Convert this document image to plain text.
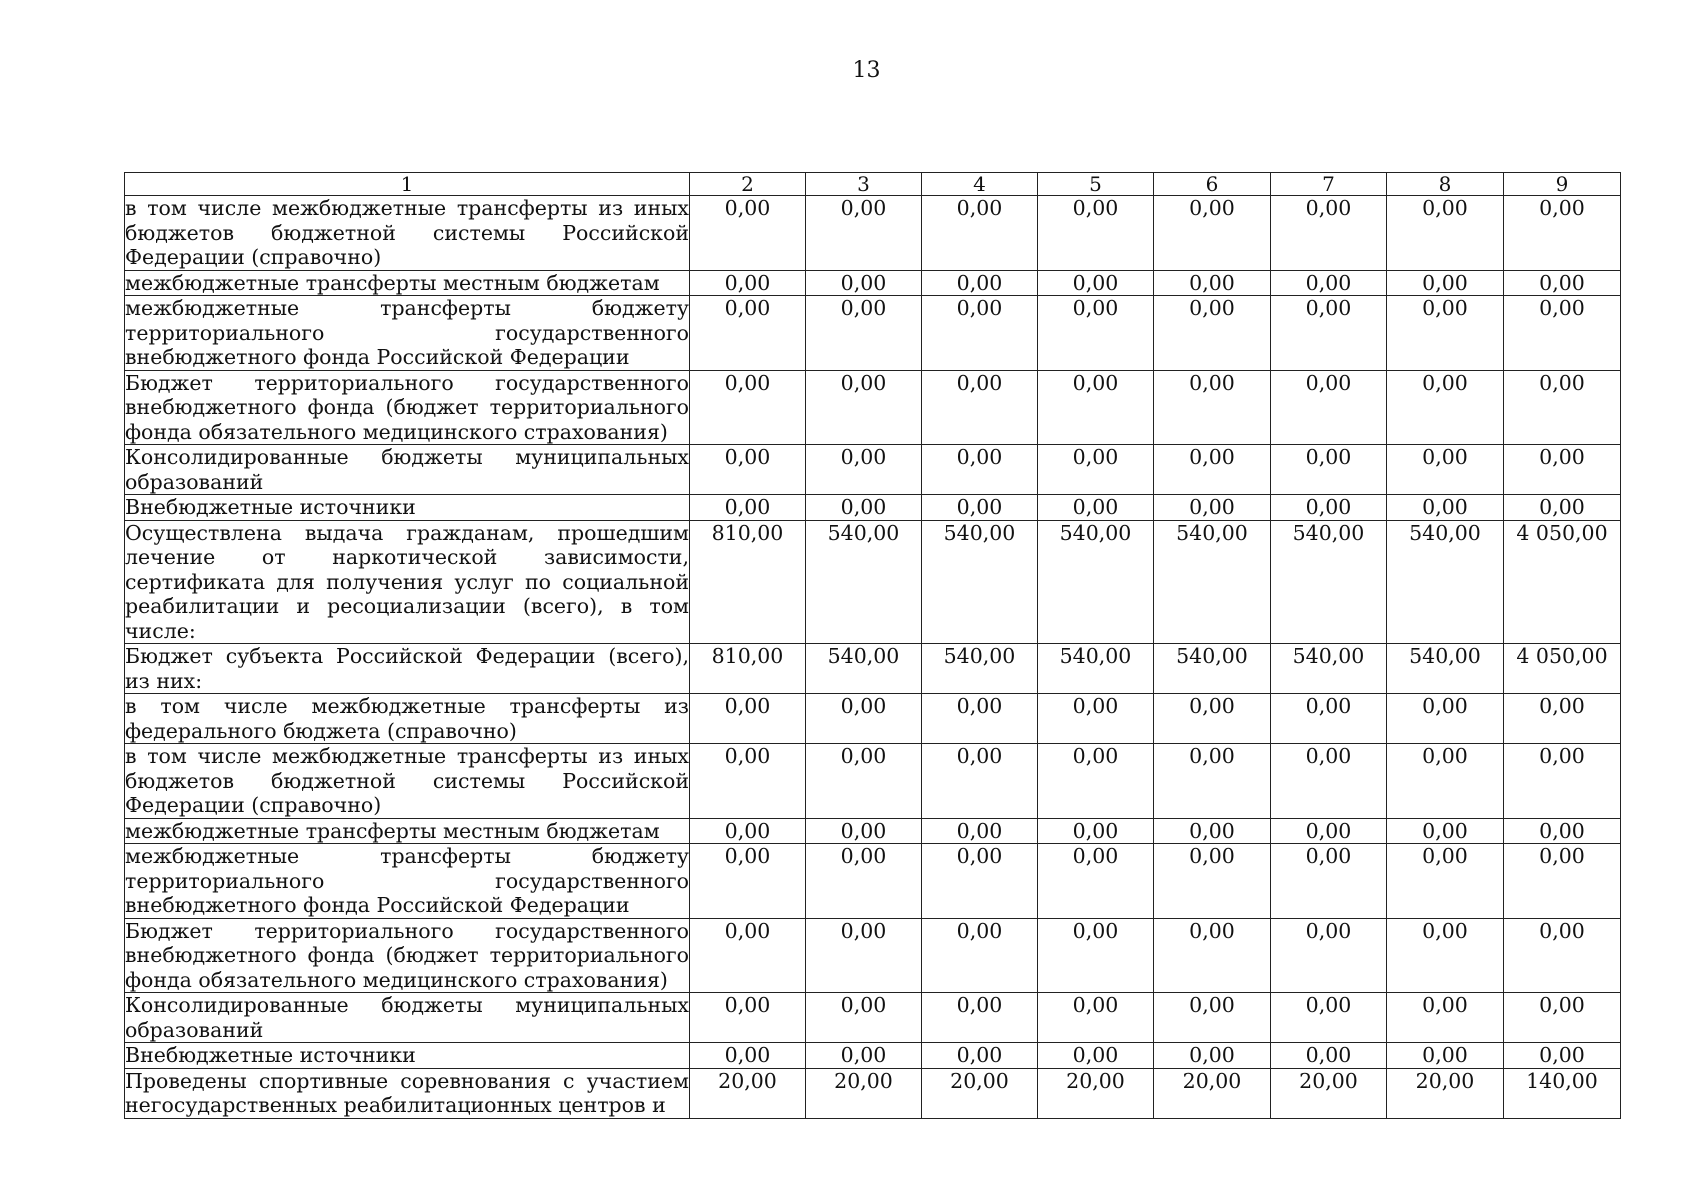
13
1	2	3	4	5	6	7	8	9
в том числе межбюджетные трансферты из иных бюджетов бюджетной системы Российской Федерации (справочно)	0,00	0,00	0,00	0,00	0,00	0,00	0,00	0,00
межбюджетные трансферты местным бюджетам	0,00	0,00	0,00	0,00	0,00	0,00	0,00	0,00
межбюджетные трансферты бюджету территориального государственного внебюджетного фонда Российской Федерации	0,00	0,00	0,00	0,00	0,00	0,00	0,00	0,00
Бюджет территориального государственного внебюджетного фонда (бюджет территориального фонда обязательного медицинского страхования)	0,00	0,00	0,00	0,00	0,00	0,00	0,00	0,00
Консолидированные бюджеты муниципальных образований	0,00	0,00	0,00	0,00	0,00	0,00	0,00	0,00
Внебюджетные источники	0,00	0,00	0,00	0,00	0,00	0,00	0,00	0,00
Осуществлена выдача гражданам, прошедшим лечение от наркотической зависимости, сертификата для получения услуг по социальной реабилитации и ресоциализации (всего), в том числе:	810,00	540,00	540,00	540,00	540,00	540,00	540,00	4 050,00
Бюджет субъекта Российской Федерации (всего), из них:	810,00	540,00	540,00	540,00	540,00	540,00	540,00	4 050,00
в том числе межбюджетные трансферты из федерального бюджета (справочно)	0,00	0,00	0,00	0,00	0,00	0,00	0,00	0,00
в том числе межбюджетные трансферты из иных бюджетов бюджетной системы Российской Федерации (справочно)	0,00	0,00	0,00	0,00	0,00	0,00	0,00	0,00
межбюджетные трансферты местным бюджетам	0,00	0,00	0,00	0,00	0,00	0,00	0,00	0,00
межбюджетные трансферты бюджету территориального государственного внебюджетного фонда Российской Федерации	0,00	0,00	0,00	0,00	0,00	0,00	0,00	0,00
Бюджет территориального государственного внебюджетного фонда (бюджет территориального фонда обязательного медицинского страхования)	0,00	0,00	0,00	0,00	0,00	0,00	0,00	0,00
Консолидированные бюджеты муниципальных образований	0,00	0,00	0,00	0,00	0,00	0,00	0,00	0,00
Внебюджетные источники	0,00	0,00	0,00	0,00	0,00	0,00	0,00	0,00
Проведены спортивные соревнования с участием негосударственных реабилитационных центров и	20,00	20,00	20,00	20,00	20,00	20,00	20,00	140,00
